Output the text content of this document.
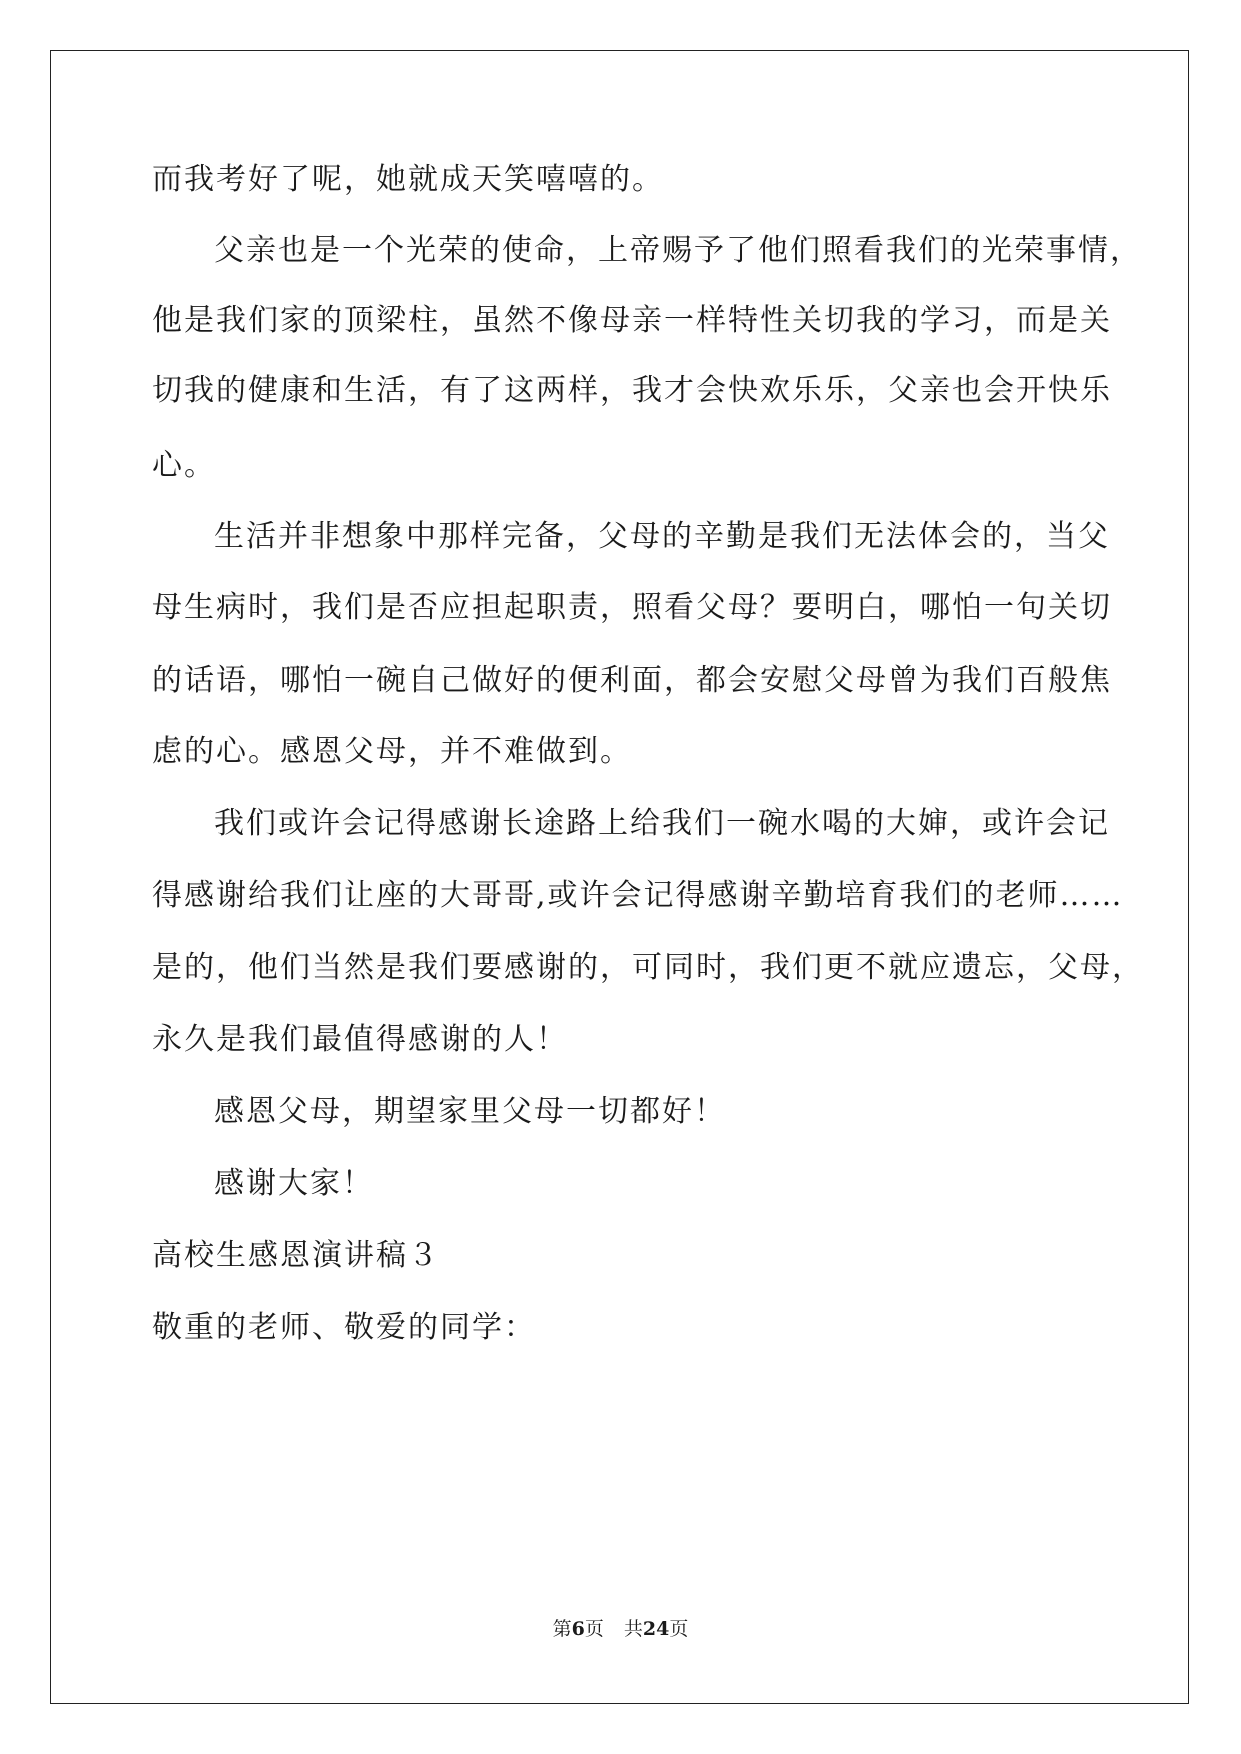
而我考好了呢，她就成天笑嘻嘻的。
父亲也是一个光荣的使命，上帝赐予了他们照看我们的光荣事情，
他是我们家的顶梁柱，虽然不像母亲一样特性关切我的学习，而是关
切我的健康和生活，有了这两样，我才会快欢乐乐，父亲也会开快乐
心。
生活并非想象中那样完备，父母的辛勤是我们无法体会的，当父
母生病时，我们是否应担起职责，照看父母？要明白，哪怕一句关切
的话语，哪怕一碗自己做好的便利面，都会安慰父母曾为我们百般焦
虑的心。感恩父母，并不难做到。
我们或许会记得感谢长途路上给我们一碗水喝的大婶，或许会记
得感谢给我们让座的大哥哥,或许会记得感谢辛勤培育我们的老师……
是的，他们当然是我们要感谢的，可同时，我们更不就应遗忘，父母，
永久是我们最值得感谢的人！
感恩父母，期望家里父母一切都好！
感谢大家！
高校生感恩演讲稿３
敬重的老师、敬爱的同学：
第6页 共24页
